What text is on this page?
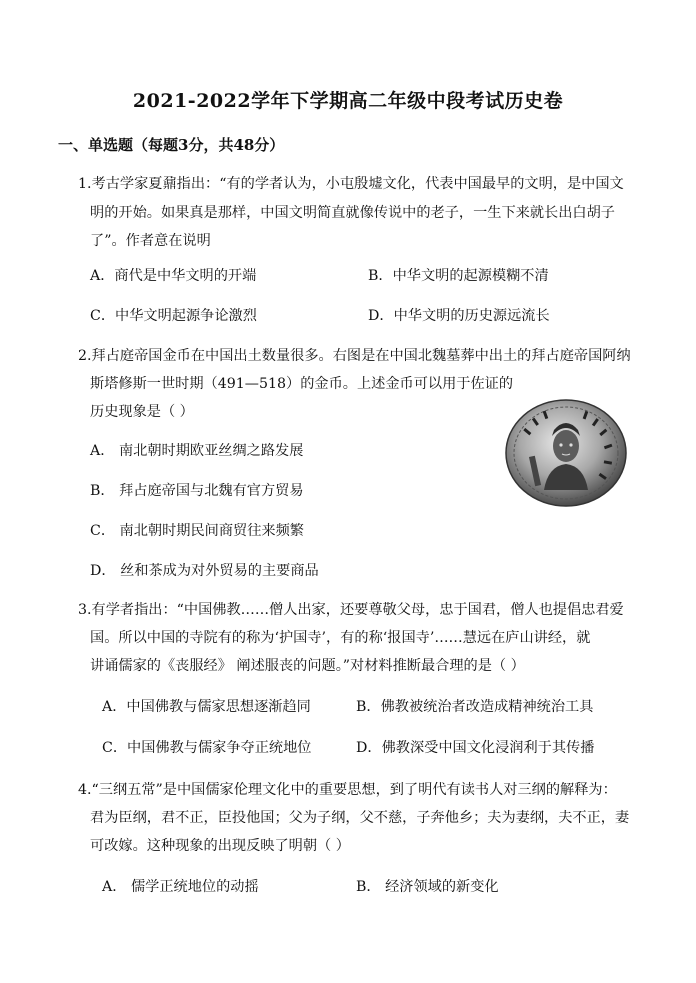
2021-2022学年下学期高二年级中段考试历史卷
一、单选题（每题3分，共48分）
1.考古学家夏鼐指出：“有的学者认为，小屯殷墟文化，代表中国最早的文明，是中国文
明的开始。如果真是那样，中国文明简直就像传说中的老子，一生下来就长出白胡子
了”。作者意在说明
A．商代是中华文明的开端	B．中华文明的起源模糊不清
C．中华文明起源争论激烈	D．中华文明的历史源远流长
2.拜占庭帝国金币在中国出土数量很多。右图是在中国北魏墓葬中出土的拜占庭帝国阿纳
斯塔修斯一世时期（491—518）的金币。上述金币可以用于佐证的
历史现象是（ ）
A． 南北朝时期欧亚丝绸之路发展
B． 拜占庭帝国与北魏有官方贸易
C． 南北朝时期民间商贸往来频繁
D． 丝和茶成为对外贸易的主要商品
3.有学者指出：“中国佛教……僧人出家，还要尊敬父母，忠于国君，僧人也提倡忠君爱
国。所以中国的寺院有的称为‘护国寺’，有的称‘报国寺’……慧远在庐山讲经，就
讲诵儒家的《丧服经》 阐述服丧的问题。”对材料推断最合理的是（ ）
A．中国佛教与儒家思想逐渐趋同	B．佛教被统治者改造成精神统治工具
C．中国佛教与儒家争夺正统地位	D．佛教深受中国文化浸润利于其传播
4.“三纲五常”是中国儒家伦理文化中的重要思想，到了明代有读书人对三纲的解释为：
君为臣纲，君不正，臣投他国；父为子纲，父不慈，子奔他乡；夫为妻纲，夫不正，妻
可改嫁。这种现象的出现反映了明朝（ ）
A． 儒学正统地位的动摇	B． 经济领域的新变化
